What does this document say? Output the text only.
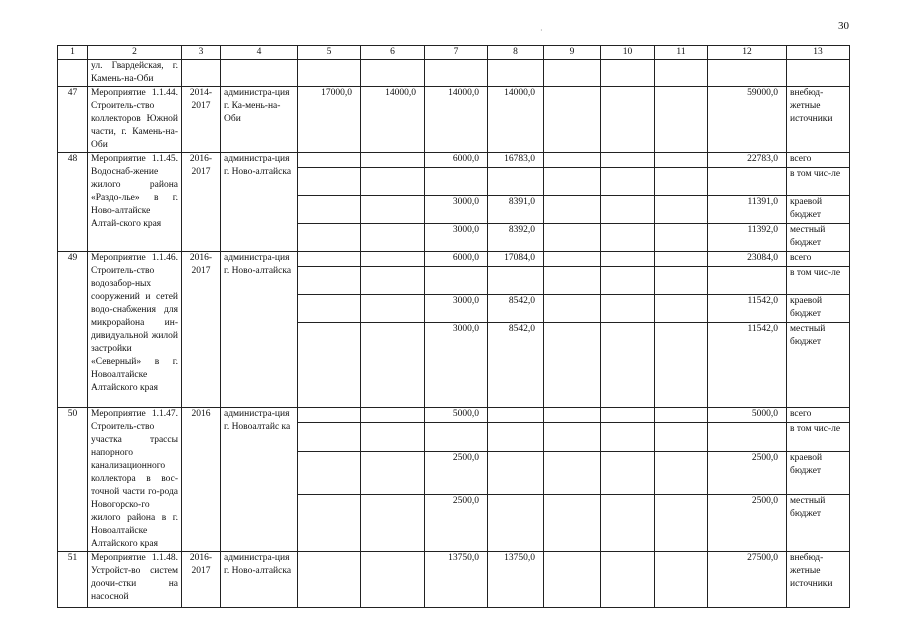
30
·
1	2	3	4	5	6	7	8	9	10	11	12	13
	ул. Гвардейская, г. Камень-на-Оби											
47	Мероприятие 1.1.44. Строитель-ство коллекторов Южной части, г. Камень-на-Оби	2014-2017	администра-ция г. Ка-мень-на-Оби	17000,0	14000,0	14000,0	14000,0				59000,0	внебюд-жетные источники
48	Мероприятие 1.1.45. Водоснаб-жение жилого района «Раздо-лье» в г. Ново-алтайске Алтай-ского края	2016-2017	администра-ция г. Ново-алтайска			6000,0	16783,0				22783,0	всего
												в том чис-ле
						3000,0	8391,0				11391,0	краевой бюджет
						3000,0	8392,0				11392,0	местный бюджет
49	Мероприятие 1.1.46. Строитель-ство водозабор-ных сооружений и сетей водо-снабжения для микрорайона ин-дивидуальной жилой застройки «Северный» в г. Новоалтайске Алтайского края	2016-2017	администра-ция г. Ново-алтайска			6000,0	17084,0				23084,0	всего
												в том чис-ле
						3000,0	8542,0				11542,0	краевой бюджет
						3000,0	8542,0				11542,0	местный бюджет
50	Мероприятие 1.1.47. Строитель-ство участка трассы напорного канализационного коллектора в вос-точной части го-рода Новогорско-го жилого района в г. Новоалтайске Алтайского края	2016	администра-ция г. Новоалтайс ка			5000,0					5000,0	всего
												в том чис-ле
						2500,0					2500,0	краевой бюджет
						2500,0					2500,0	местный бюджет
51	Мероприятие 1.1.48. Устройст-во систем доочи-стки на насосной	2016-2017	администра-ция г. Ново-алтайска			13750,0	13750,0				27500,0	внебюд-жетные источники
